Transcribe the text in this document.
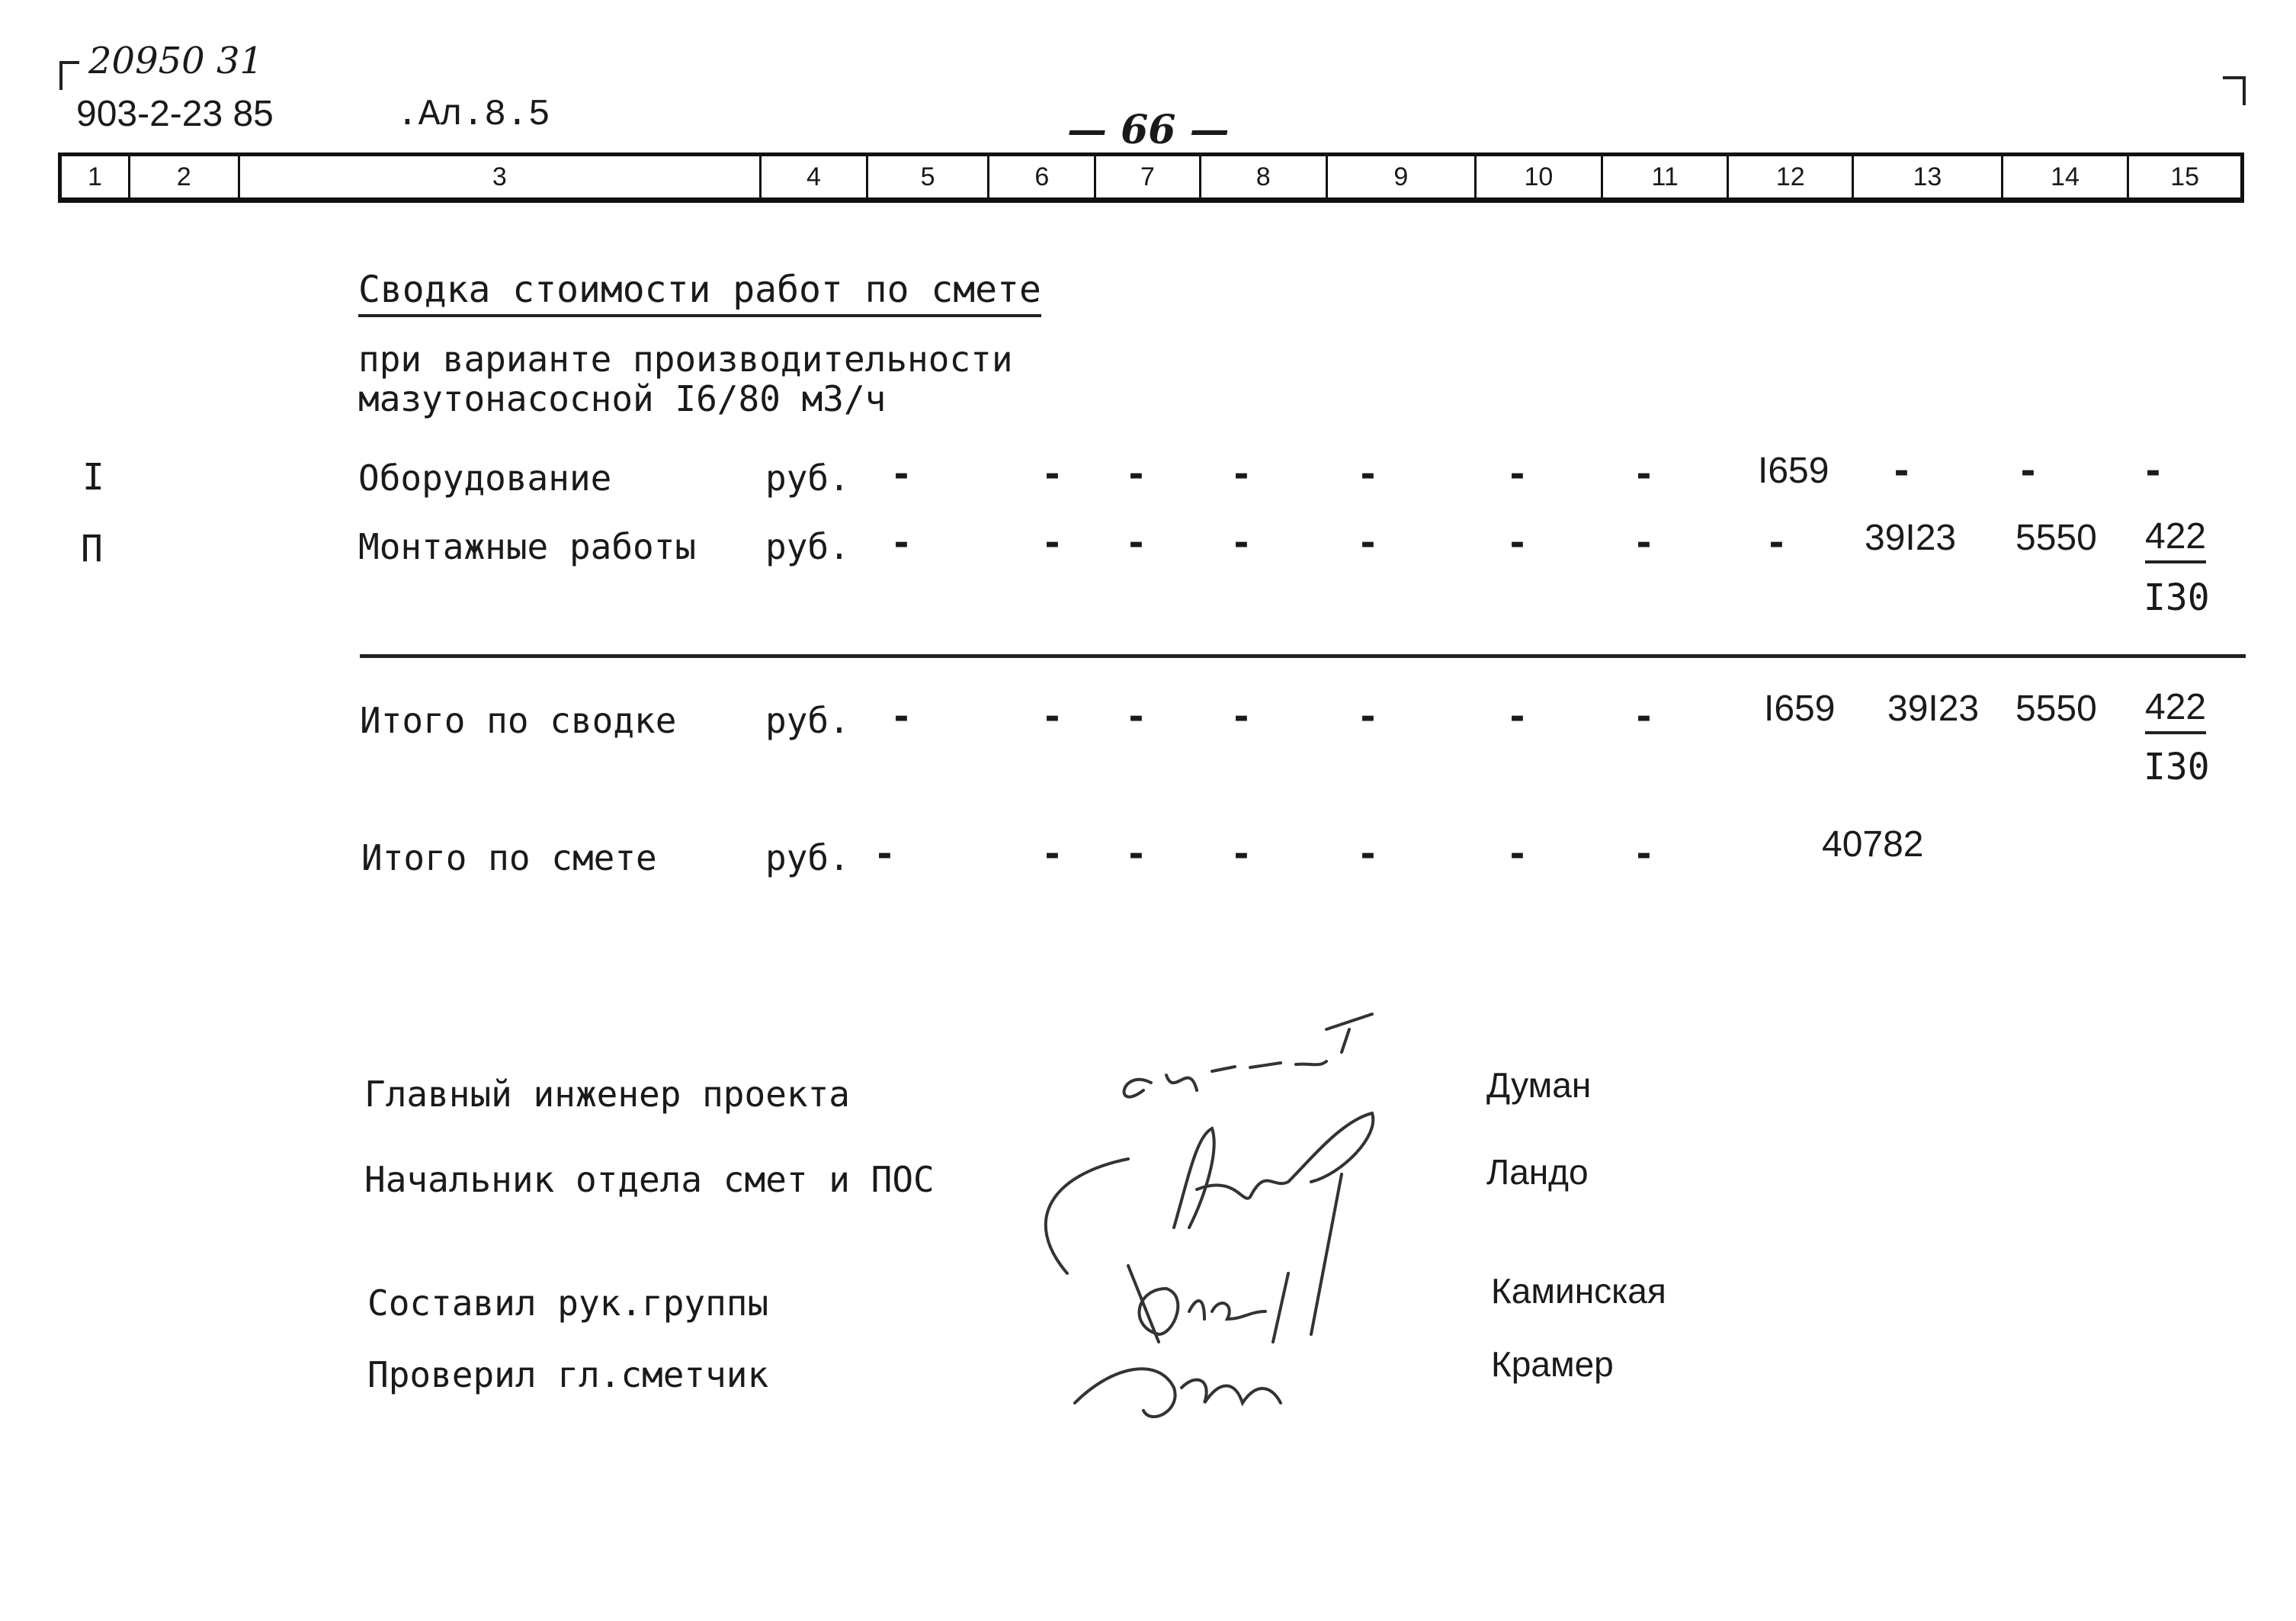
20950 31
903-2-23 85	.Ал.8.5	— 66 —
1	2	3	4	5	6	7	8	9	10	11	12	13	14	15
Сводка стоимости работ по смете
при варианте производительности
мазутонасосной I6/80 м3/ч
I	Оборудование	руб. -	- - -	-	-	-	I659 -	-	-
П	Монтажные работы руб. -	- - -	-	-	-	- 39I23 5550 422
I30
Итого по сводке	руб. -	- - -	-	-	-	I659 39I23 5550 422
I30
Итого по смете	руб. -	- - -	-	-	-	40782
Главный инженер проекта	Думан
Начальник отдела смет и ПОС	Ландо
Составил рук.группы	Каминская
Проверил гл.сметчик	Крамер
